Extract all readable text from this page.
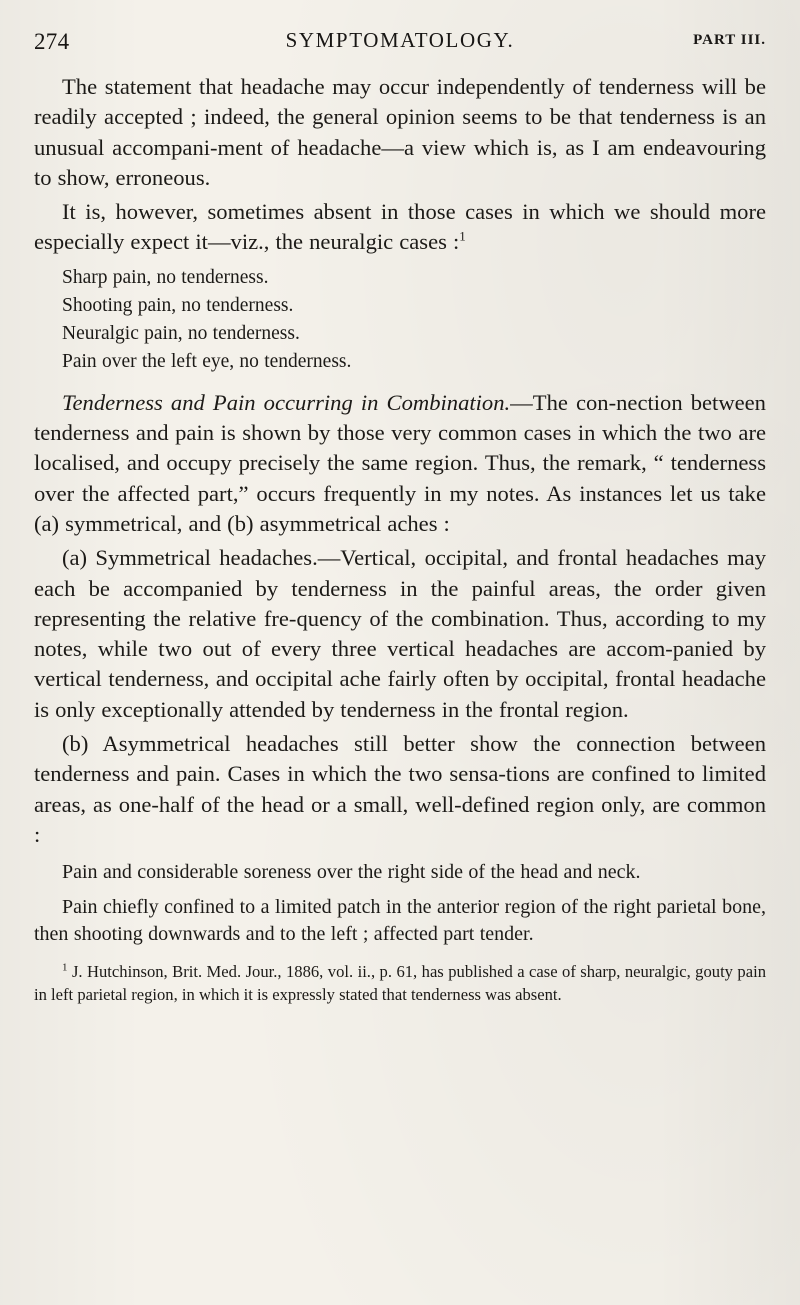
274	SYMPTOMATOLOGY.	PART III.

The statement that headache may occur independently of tenderness will be readily accepted ; indeed, the general opinion seems to be that tenderness is an unusual accompani-ment of headache—a view which is, as I am endeavouring to show, erroneous.

It is, however, sometimes absent in those cases in which we should more especially expect it—viz., the neuralgic cases :$^1$

Sharp pain, no tenderness.

Shooting pain, no tenderness.

Neuralgic pain, no tenderness.

Pain over the left eye, no tenderness.

Tenderness and Pain occurring in Combination.—The con-nection between tenderness and pain is shown by those very common cases in which the two are localised, and occupy precisely the same region. Thus, the remark, “ tenderness over the affected part,” occurs frequently in my notes. As instances let us take (a) symmetrical, and (b) asymmetrical aches :

(a) Symmetrical headaches.—Vertical, occipital, and frontal headaches may each be accompanied by tenderness in the painful areas, the order given representing the relative fre-quency of the combination. Thus, according to my notes, while two out of every three vertical headaches are accom-panied by vertical tenderness, and occipital ache fairly often by occipital, frontal headache is only exceptionally attended by tenderness in the frontal region.

(b) Asymmetrical headaches still better show the connection between tenderness and pain. Cases in which the two sensa-tions are confined to limited areas, as one-half of the head or a small, well-defined region only, are common :

Pain and considerable soreness over the right side of the head and neck.

Pain chiefly confined to a limited patch in the anterior region of the right parietal bone, then shooting downwards and to the left ; affected part tender.

$^1$ J. Hutchinson, Brit. Med. Jour., 1886, vol. ii., p. 61, has published a case of sharp, neuralgic, gouty pain in left parietal region, in which it is expressly stated that tenderness was absent.
